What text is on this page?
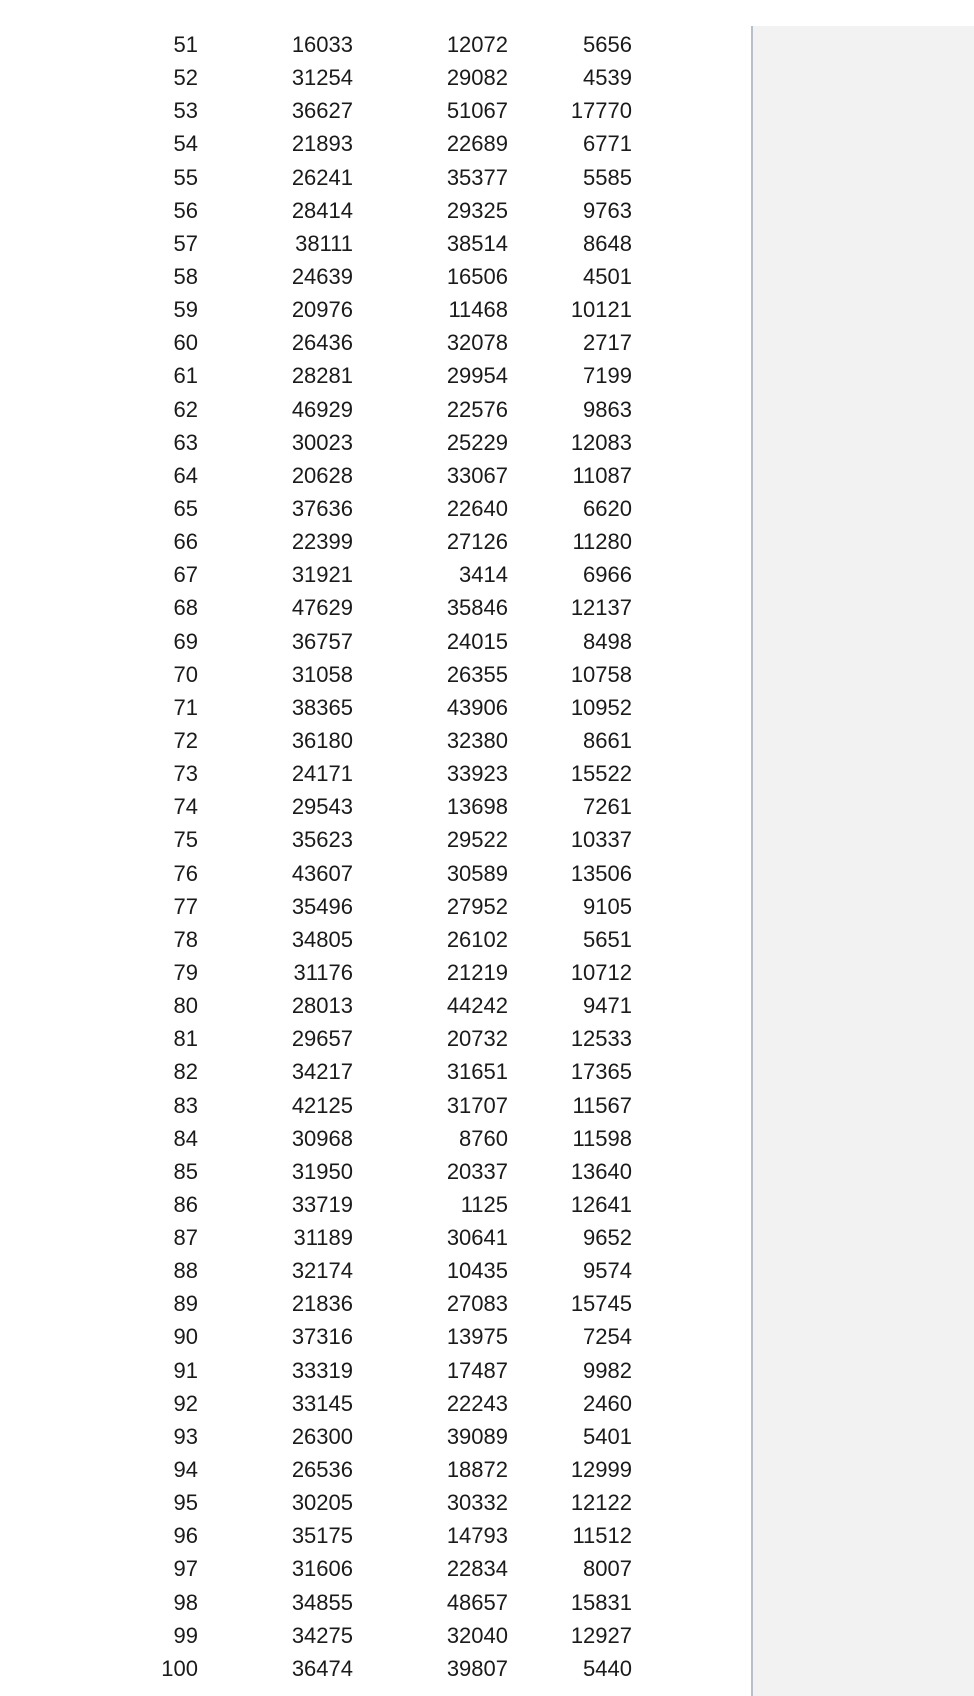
51	16033	12072	5656
52	31254	29082	4539
53	36627	51067	17770
54	21893	22689	6771
55	26241	35377	5585
56	28414	29325	9763
57	38111	38514	8648
58	24639	16506	4501
59	20976	11468	10121
60	26436	32078	2717
61	28281	29954	7199
62	46929	22576	9863
63	30023	25229	12083
64	20628	33067	11087
65	37636	22640	6620
66	22399	27126	11280
67	31921	3414	6966
68	47629	35846	12137
69	36757	24015	8498
70	31058	26355	10758
71	38365	43906	10952
72	36180	32380	8661
73	24171	33923	15522
74	29543	13698	7261
75	35623	29522	10337
76	43607	30589	13506
77	35496	27952	9105
78	34805	26102	5651
79	31176	21219	10712
80	28013	44242	9471
81	29657	20732	12533
82	34217	31651	17365
83	42125	31707	11567
84	30968	8760	11598
85	31950	20337	13640
86	33719	1125	12641
87	31189	30641	9652
88	32174	10435	9574
89	21836	27083	15745
90	37316	13975	7254
91	33319	17487	9982
92	33145	22243	2460
93	26300	39089	5401
94	26536	18872	12999
95	30205	30332	12122
96	35175	14793	11512
97	31606	22834	8007
98	34855	48657	15831
99	34275	32040	12927
100	36474	39807	5440
